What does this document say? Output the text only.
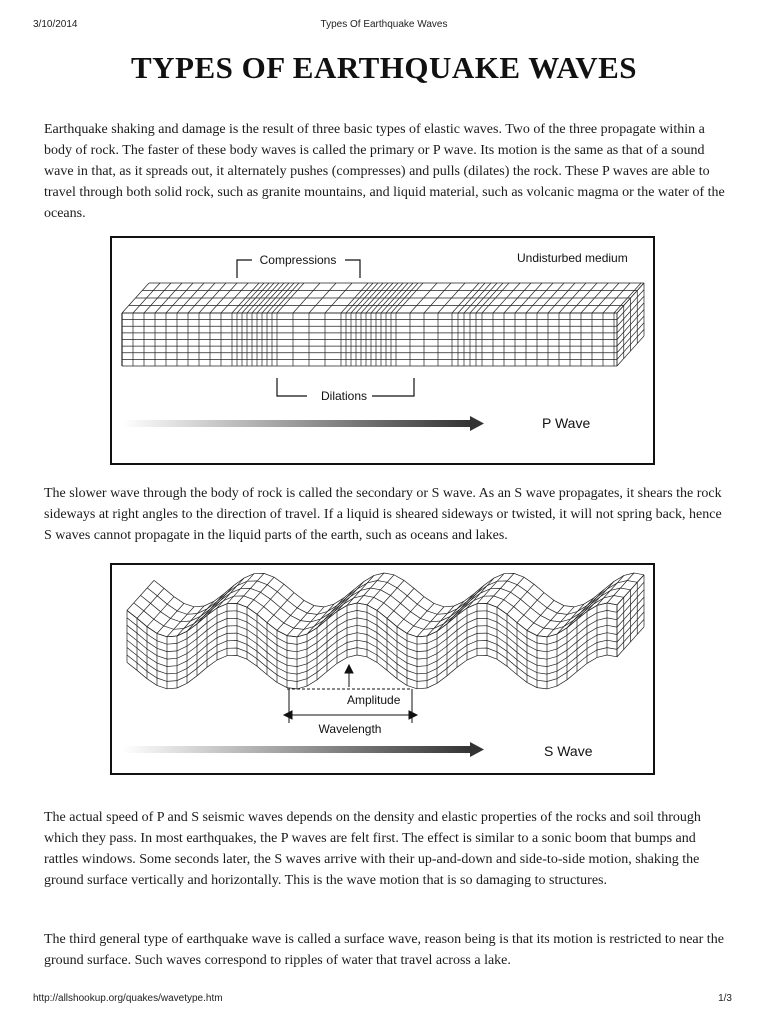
3/10/2014	Types Of Earthquake Waves
TYPES OF EARTHQUAKE WAVES

Earthquake shaking and damage is the result of three basic types of elastic waves. Two of the three propagate within a body of rock. The faster of these body waves is called the primary or P wave. Its motion is the same as that of a sound wave in that, as it spreads out, it alternately pushes (compresses) and pulls (dilates) the rock. These P waves are able to travel through both solid rock, such as granite mountains, and liquid material, such as volcanic magma or the water of the oceans.

Compressions	Undisturbed medium
Dilations
P Wave

The slower wave through the body of rock is called the secondary or S wave. As an S wave propagates, it shears the rock sideways at right angles to the direction of travel. If a liquid is sheared sideways or twisted, it will not spring back, hence S waves cannot propagate in the liquid parts of the earth, such as oceans and lakes.

Amplitude
Wavelength
S Wave

The actual speed of P and S seismic waves depends on the density and elastic properties of the rocks and soil through which they pass. In most earthquakes, the P waves are felt first. The effect is similar to a sonic boom that bumps and rattles windows. Some seconds later, the S waves arrive with their up-and-down and side-to-side motion, shaking the ground surface vertically and horizontally. This is the wave motion that is so damaging to structures.

The third general type of earthquake wave is called a surface wave, reason being is that its motion is restricted to near the ground surface. Such waves correspond to ripples of water that travel across a lake.

http://allshookup.org/quakes/wavetype.htm	1/3
